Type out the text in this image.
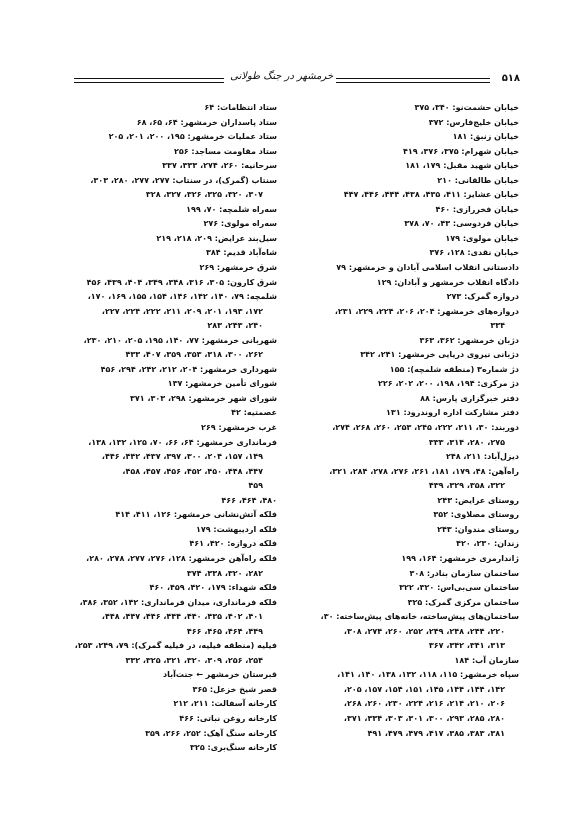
۵۱۸
خرمشهر در جنگ طولانی
خیابان حشمت‌نو: ۳۴۰، ۳۷۵
خیابان خلیج‌فارس: ۳۷۲
خیابان زنبق: ۱۸۱
خیابان شهرام: ۳۷۵، ۳۷۶، ۴۱۹
خیابان شهید مقبل: ۱۷۹، ۱۸۱
خیابان طالقانی: ۲۱۰
خیابان عشایر: ۴۱۱، ۴۳۵، ۴۳۸، ۴۴۴، ۴۴۶، ۴۴۷
خیابان فخررازی: ۴۶۰
خیابان فردوسی: ۴۳، ۷۰، ۳۷۸
خیابان مولوی: ۱۷۹
خیابان نقدی: ۱۲۸، ۳۷۶
دادستانی انقلاب اسلامی آبادان و خرمشهر: ۷۹
دادگاه انقلاب خرمشهر و آبادان: ۱۲۹
دروازه گمرک: ۲۷۳
دروازه‌های خرمشهر: ۲۰۴، ۲۰۶، ۲۲۴، ۲۲۹، ۲۳۱،
۳۳۴
دژبان خرمشهر: ۳۶۲، ۳۶۳
دژبانی نیروی دریایی خرمشهر: ۲۴۱، ۳۴۲
دژ شماره۳ (منطقه شلمچه): ۱۵۵
دژ مرکزی: ۱۹۴، ۱۹۸، ۲۰۰، ۲۰۲، ۲۲۶
دفتر خبرگزاری پارس: ۸۸
دفتر مشارکت اداره اروندرود: ۱۳۱
دوربند: ۳۰، ۲۱۱، ۲۲۲، ۲۴۵، ۲۵۳، ۲۶۰، ۲۶۸، ۲۷۴،
۲۷۵، ۲۸۰، ۳۱۴، ۳۳۳
دیزل‌آباد: ۲۱۱، ۲۴۸
راه‌آهن: ۴۸، ۱۷۹، ۱۸۱، ۲۶۱، ۲۷۶، ۲۷۸، ۲۸۴، ۳۲۱،
۳۲۲، ۳۵۸، ۳۲۹، ۴۳۹
روستای عرایض: ۲۴۳
روستای مصلاوی: ۳۵۲
روستای مندوان: ۲۴۳
زندان: ۲۳۰، ۴۲۰
ژاندارمری خرمشهر: ۱۶۴، ۱۹۹
ساختمان سازمان بنادر: ۳۰۸
ساختمان سی‌بی‌اس: ۳۲۰، ۳۲۲
ساختمان مرکزی گمرک: ۳۲۵
ساختمان‌های پیش‌ساخته، خانه‌های پیش‌ساخته: ۳۰،
۲۲۰، ۲۴۴، ۲۴۸، ۲۴۹، ۲۵۲، ۲۶۰، ۲۷۴، ۳۰۸،
۳۱۳، ۳۴۱، ۳۴۲، ۳۶۷
سازمان آب: ۱۸۴
سپاه خرمشهر: ۱۱۵، ۱۱۸، ۱۳۲، ۱۳۸، ۱۴۰، ۱۴۱،
۱۴۲، ۱۴۴، ۱۴۴، ۱۴۵، ۱۵۱، ۱۵۴، ۱۵۷، ۲۰۵،
۲۰۶، ۲۱۰، ۲۱۴، ۲۱۶، ۲۲۴، ۲۳۰، ۲۶۰، ۲۶۸،
۲۸۰، ۲۸۵، ۲۹۳، ۳۰۰، ۳۰۱، ۳۰۳، ۳۳۴، ۳۷۱،
۳۸۱، ۳۸۳، ۳۸۵، ۴۱۷، ۴۷۹، ۴۷۹، ۴۹۱
ستاد انتظامات: ۶۴
ستاد پاسداران خرمشهر: ۶۴، ۶۵، ۶۸
ستاد عملیات خرمشهر: ۱۹۵، ۲۰۰، ۲۰۱، ۲۰۵
ستاد مقاومت مساجد: ۲۵۶
سرحانیه: ۲۶۰، ۲۷۴، ۳۳۳، ۳۳۷
سنتاب (گمرک)، در سنتاب: ۲۷۷، ۲۷۷، ۲۸۰، ۳۰۳،
۳۰۷، ۳۲۰، ۳۲۵، ۳۲۶، ۳۲۷، ۳۲۸
سه‌راه شلمچه: ۷۰، ۱۹۹
سه‌راه مولوی: ۲۷۶
سیل‌بند عرایض: ۲۰۹، ۲۱۸، ۲۱۹
شاه‌آباد قدیم: ۳۸۴
شرق خرمشهر: ۲۶۹
شرق کارون: ۳۰۵، ۳۱۶، ۳۴۸، ۳۴۹، ۴۰۴، ۴۳۹، ۴۵۶
شلمچه: ۷۹، ۱۴۰، ۱۴۲، ۱۴۶، ۱۵۴، ۱۵۵، ۱۶۹، ۱۷۰،
۱۷۲، ۱۹۳، ۲۰۱، ۲۰۹، ۲۱۱، ۲۲۲، ۲۲۴، ۲۲۷،
۲۴۰، ۲۴۳، ۲۸۳
شهربانی خرمشهر: ۷۷، ۱۴۰، ۱۹۵، ۲۰۵، ۲۱۰، ۲۳۰،
۲۶۲، ۳۰۰، ۳۱۸، ۳۵۳، ۳۵۹، ۴۰۷، ۴۳۳
شهرداری خرمشهر: ۲۰۴، ۲۱۲، ۲۴۲، ۲۹۴، ۴۵۶
شورای تأمین خرمشهر: ۱۳۷
شورای شهر خرمشهر: ۲۹۸، ۳۰۳، ۳۷۱
عصمتیه: ۴۲
غرب خرمشهر: ۲۶۹
فرمانداری خرمشهر: ۶۴، ۶۶، ۷۰، ۱۲۵، ۱۳۲، ۱۳۸،
۱۴۹، ۱۵۷، ۲۰۴، ۳۰۰، ۳۹۷، ۴۳۷، ۴۴۲، ۴۴۶،
۴۴۷، ۴۴۸، ۴۵۰، ۴۵۲، ۴۵۶، ۴۵۷، ۴۵۸،
۴۵۹
۴۸۰، ۴۶۴، ۴۶۶
فلکه آتش‌نشانی خرمشهر: ۱۲۶، ۴۱۱، ۴۱۴
فلکه اردیبهشت: ۱۷۹
فلکه دروازه: ۴۲۰، ۴۶۱
فلکه راه‌آهن خرمشهر: ۱۲۸، ۲۷۶، ۲۷۷، ۲۷۸، ۲۸۰،
۲۸۲، ۳۲۰، ۳۳۸، ۳۷۴
فلکه شهداء: ۱۷۹، ۴۲۰، ۴۵۹، ۴۶۰
فلکه فرمانداری، میدان فرمانداری: ۱۴۲، ۳۵۲، ۳۸۶،
۴۰۱، ۴۰۲، ۴۳۵، ۴۴۰، ۴۴۴، ۴۴۶، ۴۴۷، ۴۴۸،
۴۴۹، ۴۶۴، ۴۶۵، ۴۶۶
فیلیه (منطقه فیلیه، در فیلیه گمرک): ۷۹، ۲۴۹، ۲۵۳،
۲۵۴، ۲۵۶، ۳۰۹، ۳۲۰، ۳۲۱، ۳۲۵، ۳۳۲
قبرستان خرمشهر ← جنت‌آباد
قصر شیخ خزعل: ۳۶۵
کارخانه آسفالت: ۲۱۱، ۲۱۲
کارخانه روغن نباتی: ۴۶۶
کارخانه سنگ آهک: ۲۵۲، ۲۶۶، ۳۵۹
کارخانه سنگ‌بری: ۳۲۵
